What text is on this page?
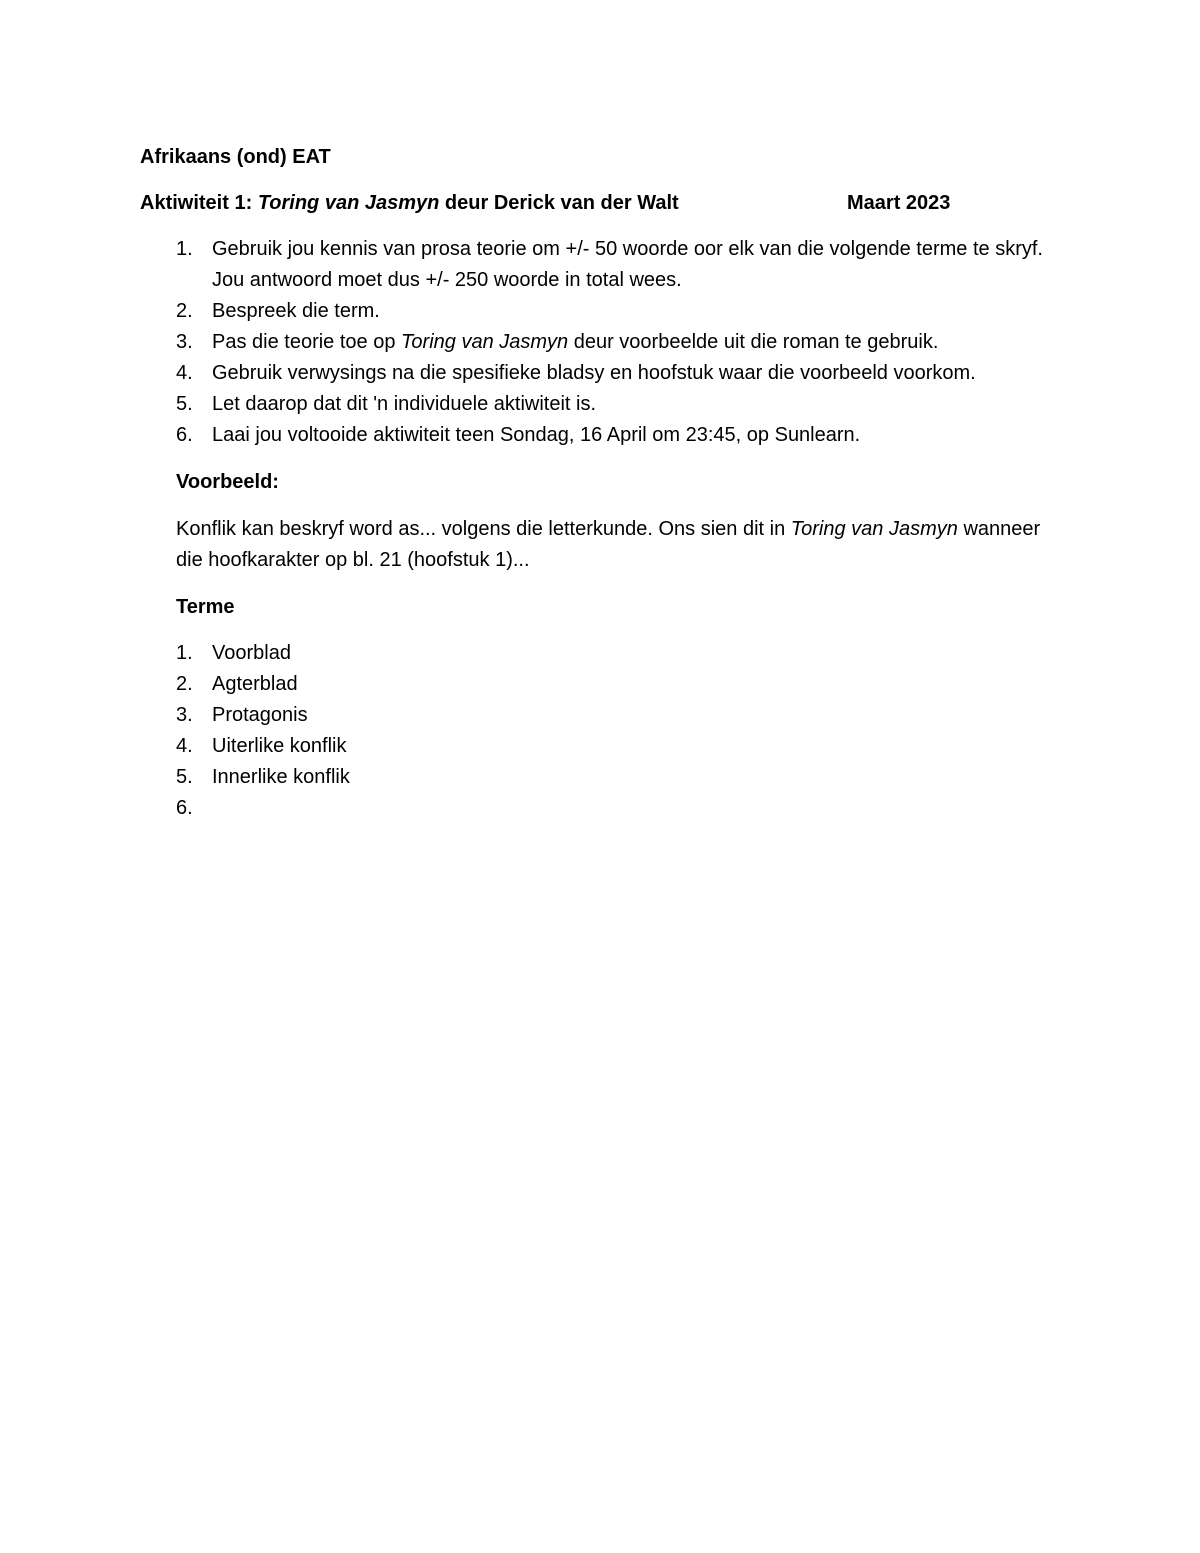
Afrikaans (ond) EAT
Aktiwiteit 1: Toring van Jasmyn deur Derick van der Walt	Maart 2023
1. Gebruik jou kennis van prosa teorie om +/- 50 woorde oor elk van die volgende terme te skryf. Jou antwoord moet dus +/- 250 woorde in total wees.
2. Bespreek die term.
3. Pas die teorie toe op Toring van Jasmyn deur voorbeelde uit die roman te gebruik.
4. Gebruik verwysings na die spesifieke bladsy en hoofstuk waar die voorbeeld voorkom.
5. Let daarop dat dit 'n individuele aktiwiteit is.
6. Laai jou voltooide aktiwiteit teen Sondag, 16 April om 23:45, op Sunlearn.
Voorbeeld:
Konflik kan beskryf word as... volgens die letterkunde. Ons sien dit in Toring van Jasmyn wanneer die hoofkarakter op bl. 21 (hoofstuk 1)...
Terme
1. Voorblad
2. Agterblad
3. Protagonis
4. Uiterlike konflik
5. Innerlike konflik
6.
